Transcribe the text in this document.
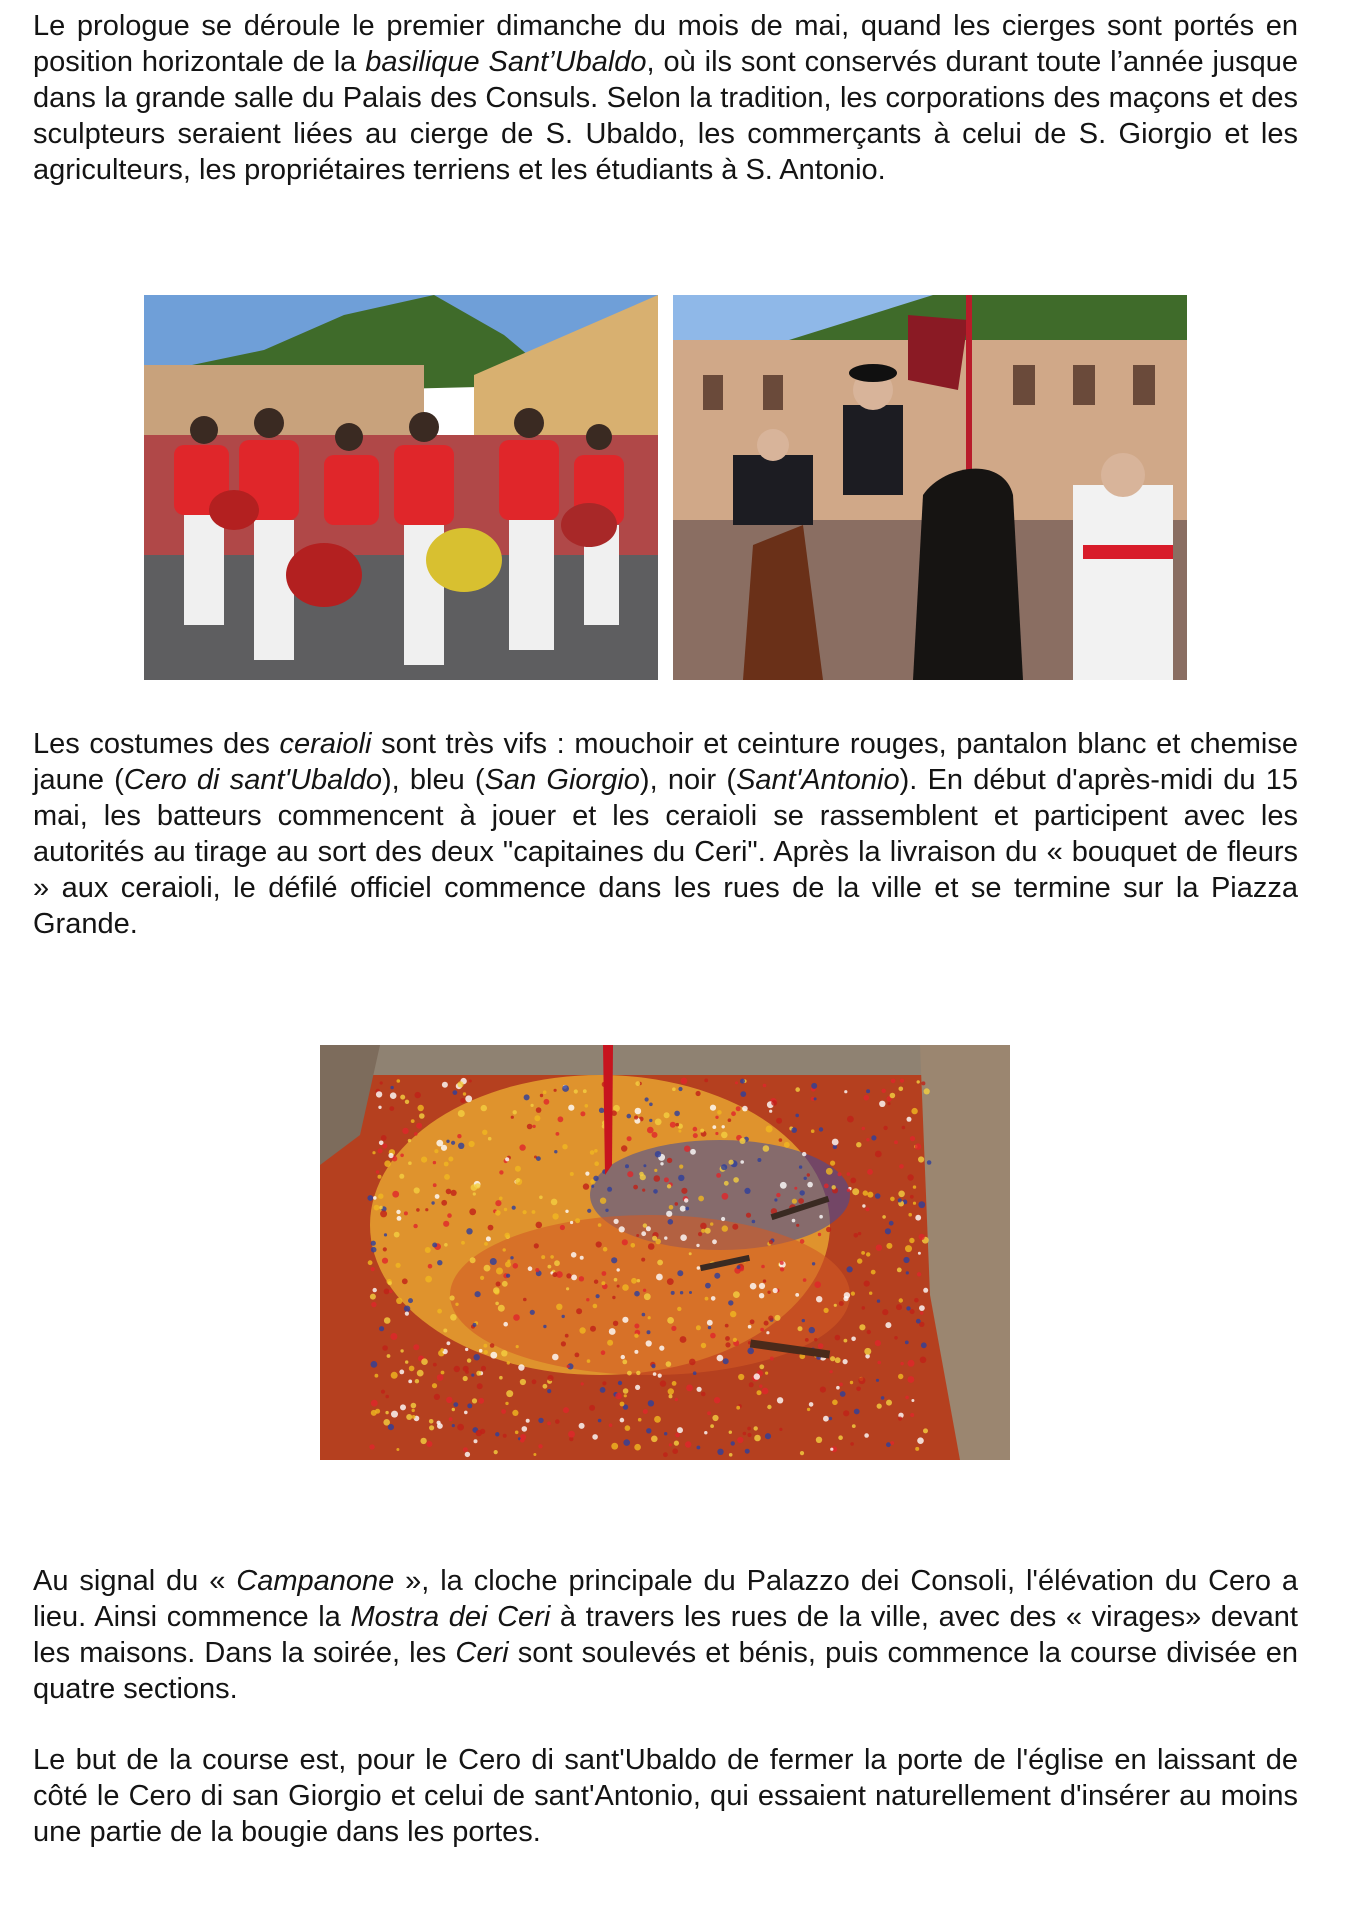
Le prologue se déroule le premier dimanche du mois de mai, quand les cierges sont portés en position horizontale de la basilique Sant’Ubaldo, où ils sont conservés durant toute l’année jusque dans la grande salle du Palais des Consuls. Selon la tradition, les corporations des maçons et des sculpteurs seraient liées au cierge de S. Ubaldo, les commerçants à celui de S. Giorgio et les agriculteurs, les propriétaires terriens et les étudiants à S. Antonio.

Les costumes des ceraioli sont très vifs : mouchoir et ceinture rouges, pantalon blanc et chemise jaune (Cero di sant'Ubaldo), bleu (San Giorgio), noir (Sant'Antonio). En début d'après-midi du 15 mai, les batteurs commencent à jouer et les ceraioli se rassemblent et participent avec les autorités au tirage au sort des deux "capitaines du Ceri". Après la livraison du « bouquet de fleurs » aux ceraioli, le défilé officiel commence dans les rues de la ville et se termine sur la Piazza Grande.

Au signal du « Campanone », la cloche principale du Palazzo dei Consoli, l'élévation du Cero a lieu. Ainsi commence la Mostra dei Ceri à travers les rues de la ville, avec des « virages» devant les maisons. Dans la soirée, les Ceri sont soulevés et bénis, puis commence la course divisée en quatre sections.

Le but de la course est, pour le Cero di sant'Ubaldo de fermer la porte de l'église en laissant de côté le Cero di san Giorgio et celui de sant'Antonio, qui essaient naturellement d'insérer au moins une partie de la bougie dans les portes.
